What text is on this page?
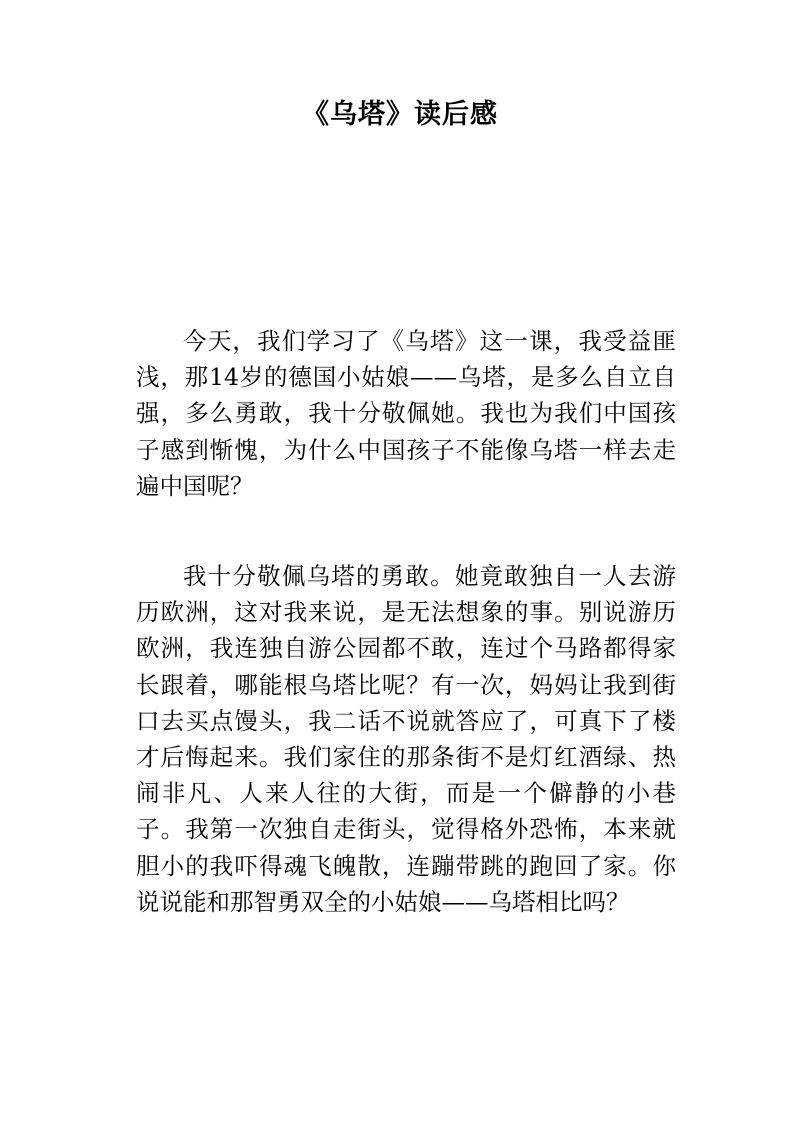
《乌塔》读后感

今天，我们学习了《乌塔》这一课，我受益匪浅，那14岁的德国小姑娘——乌塔，是多么自立自强，多么勇敢，我十分敬佩她。我也为我们中国孩子感到惭愧，为什么中国孩子不能像乌塔一样去走遍中国呢？

我十分敬佩乌塔的勇敢。她竟敢独自一人去游历欧洲，这对我来说，是无法想象的事。别说游历欧洲，我连独自游公园都不敢，连过个马路都得家长跟着，哪能根乌塔比呢？有一次，妈妈让我到街口去买点馒头，我二话不说就答应了，可真下了楼才后悔起来。我们家住的那条街不是灯红酒绿、热闹非凡、人来人往的大街，而是一个僻静的小巷子。我第一次独自走街头，觉得格外恐怖，本来就胆小的我吓得魂飞魄散，连蹦带跳的跑回了家。你说说能和那智勇双全的小姑娘——乌塔相比吗？
